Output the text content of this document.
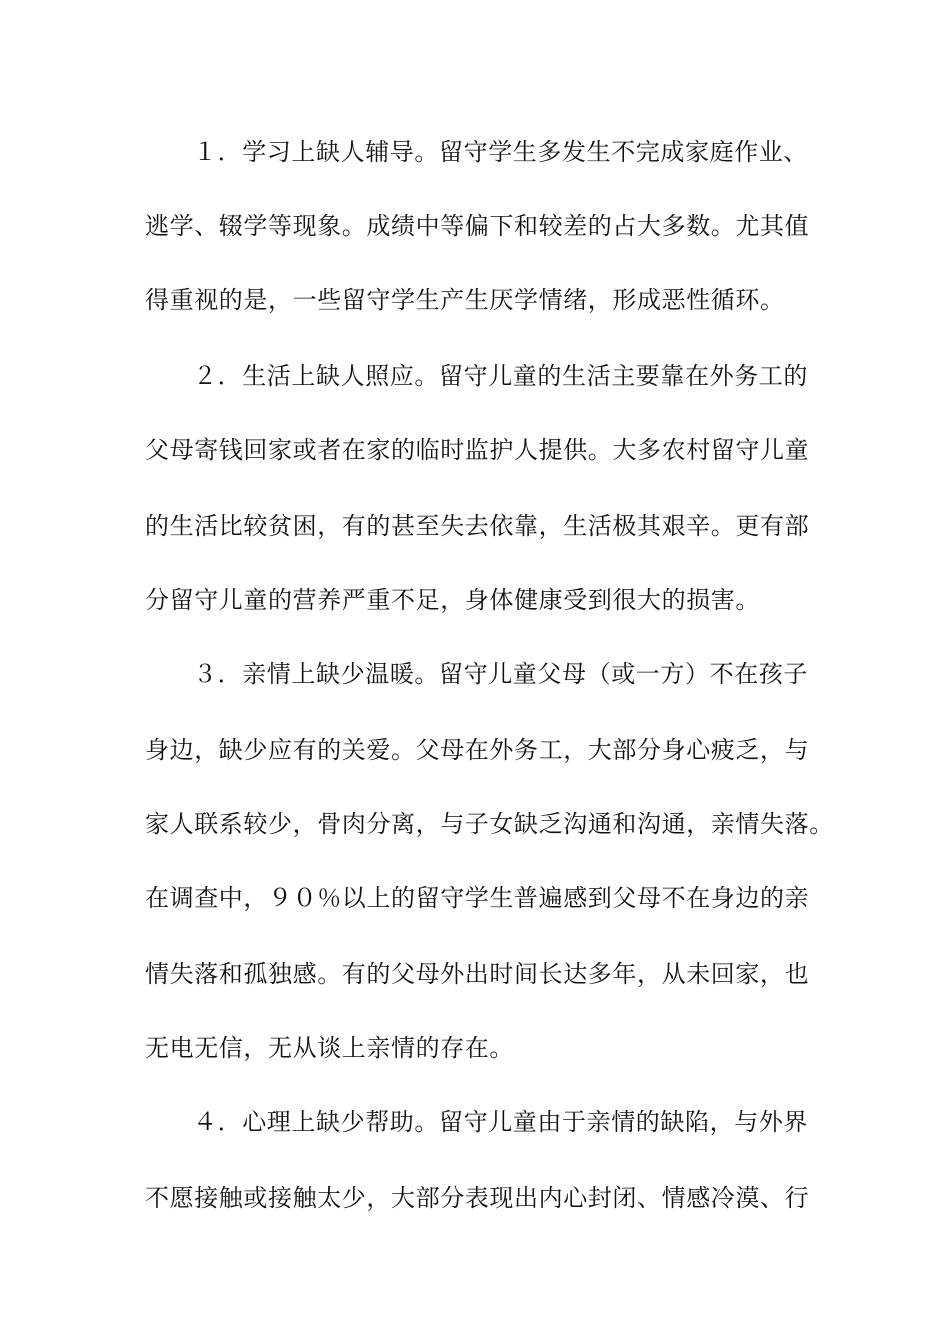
１．学习上缺人辅导。留守学生多发生不完成家庭作业、
逃学、辍学等现象。成绩中等偏下和较差的占大多数。尤其值
得重视的是，一些留守学生产生厌学情绪，形成恶性循环。
２．生活上缺人照应。留守儿童的生活主要靠在外务工的
父母寄钱回家或者在家的临时监护人提供。大多农村留守儿童
的生活比较贫困，有的甚至失去依靠，生活极其艰辛。更有部
分留守儿童的营养严重不足，身体健康受到很大的损害。
３．亲情上缺少温暖。留守儿童父母（或一方）不在孩子
身边，缺少应有的关爱。父母在外务工，大部分身心疲乏，与
家人联系较少，骨肉分离，与子女缺乏沟通和沟通，亲情失落。
在调查中，９０％以上的留守学生普遍感到父母不在身边的亲
情失落和孤独感。有的父母外出时间长达多年，从未回家，也
无电无信，无从谈上亲情的存在。
４．心理上缺少帮助。留守儿童由于亲情的缺陷，与外界
不愿接触或接触太少，大部分表现出内心封闭、情感冷漠、行
